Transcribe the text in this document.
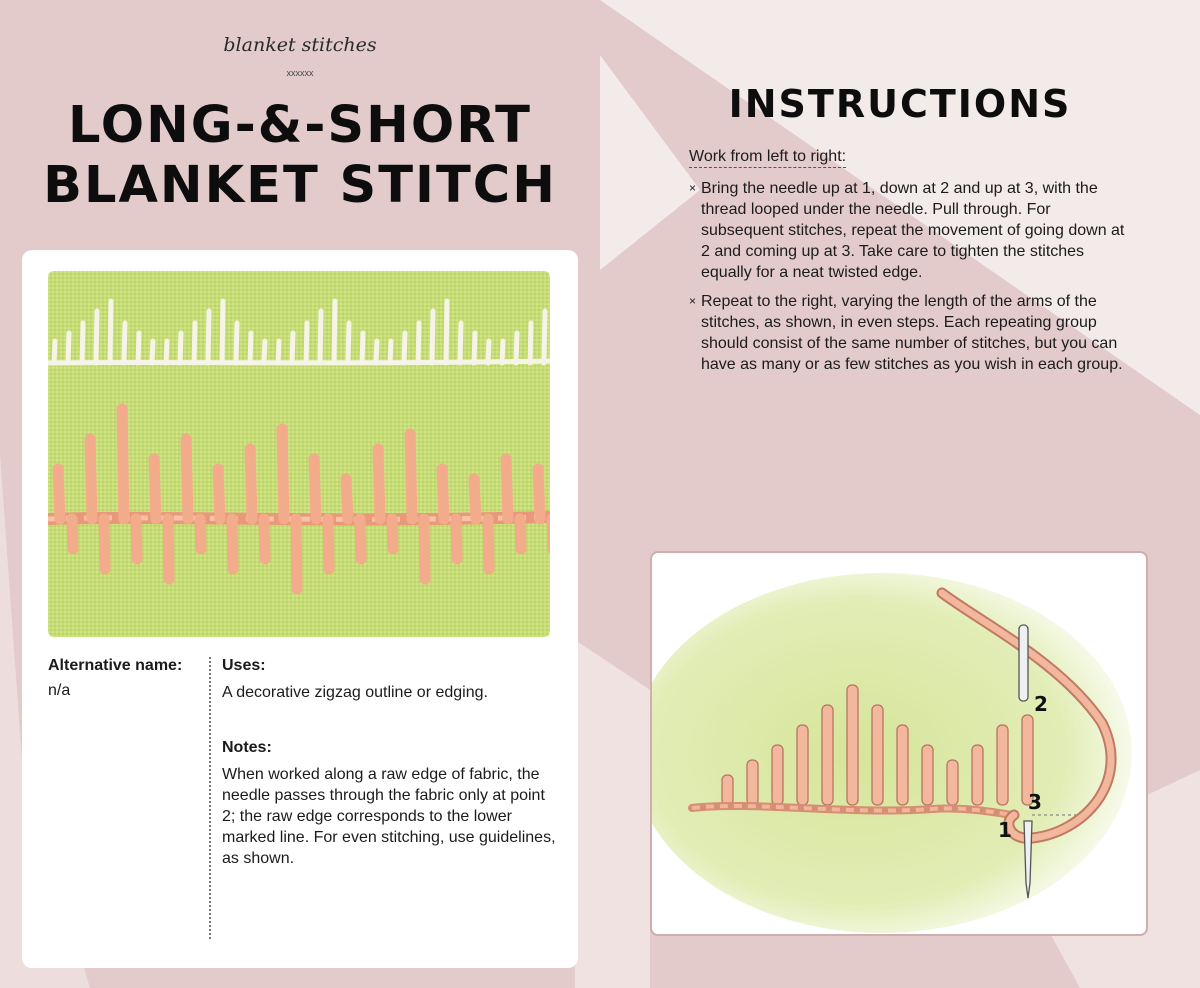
blanket stitches
xxxxxx
LONG-&-SHORT
BLANKET STITCH
Alternative name:
n/a
Uses:
A decorative zigzag outline or edging.
Notes:
When worked along a raw edge of fabric, the needle passes through the fabric only at point 2; the raw edge corresponds to the lower marked line. For even stitching, use guidelines, as shown.
INSTRUCTIONS
Work from left to right:
× Bring the needle up at 1, down at 2 and up at 3, with the thread looped under the needle. Pull through. For subsequent stitches, repeat the movement of going down at 2 and coming up at 3. Take care to tighten the stitches equally for a neat twisted edge.
× Repeat to the right, varying the length of the arms of the stitches, as shown, in even steps. Each repeating group should consist of the same number of stitches, but you can have as many or as few stitches as you wish in each group.
2
3
1
